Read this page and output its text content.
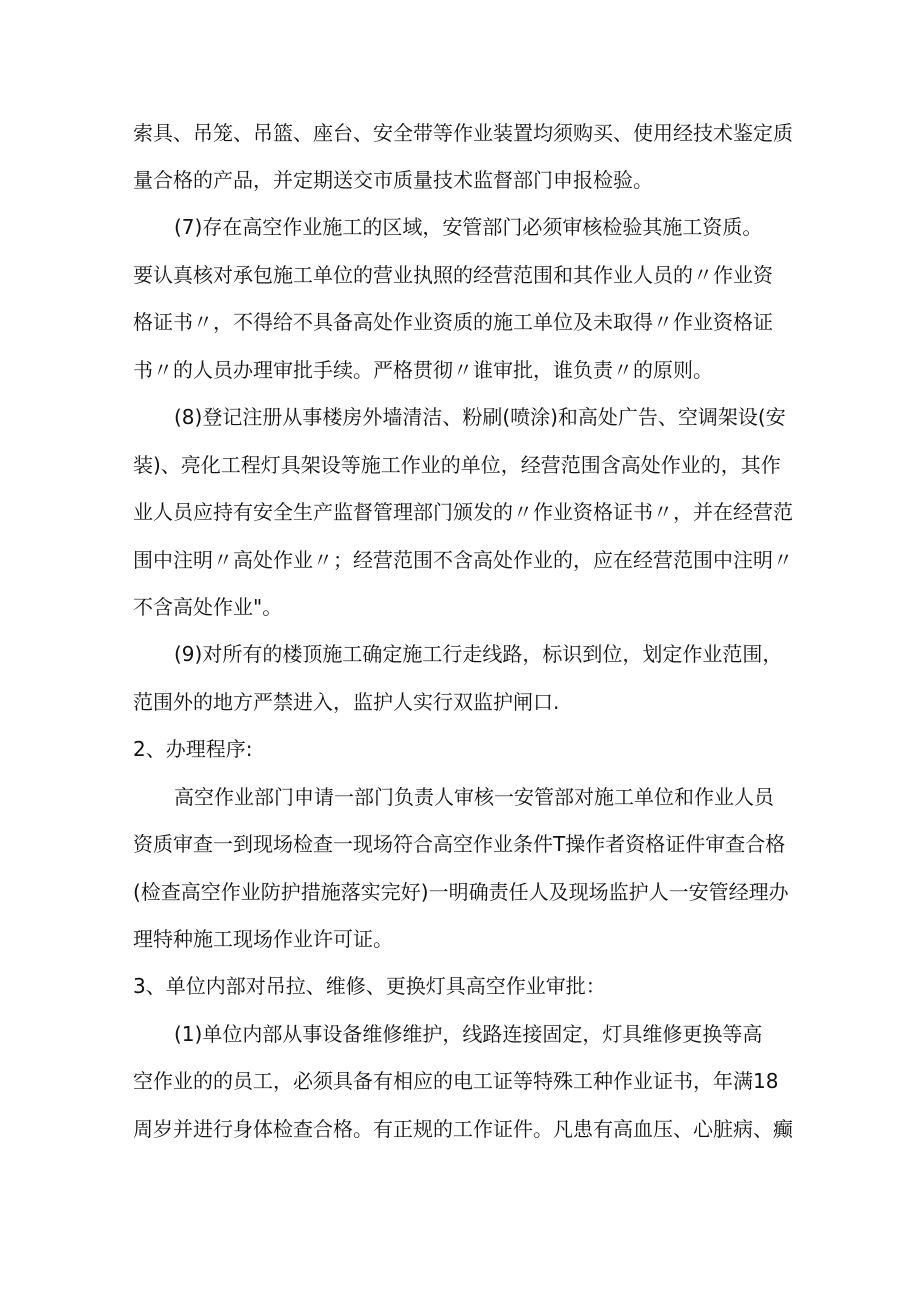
索具、吊笼、吊篮、座台、安全带等作业装置均须购买、使用经技术鉴定质
量合格的产品，并定期送交市质量技术监督部门申报检验。
(7)存在高空作业施工的区域，安管部门必须审核检验其施工资质。
要认真核对承包施工单位的营业执照的经营范围和其作业人员的〃作业资
格证书〃，不得给不具备高处作业资质的施工单位及未取得〃作业资格证
书〃的人员办理审批手续。严格贯彻〃谁审批，谁负责〃的原则。
(8)登记注册从事楼房外墙清洁、粉刷(喷涂)和高处广告、空调架设(安
装)、亮化工程灯具架设等施工作业的单位，经营范围含高处作业的，其作
业人员应持有安全生产监督管理部门颁发的〃作业资格证书〃，并在经营范
围中注明〃高处作业〃；经营范围不含高处作业的，应在经营范围中注明〃
不含高处作业"。
(9)对所有的楼顶施工确定施工行走线路，标识到位，划定作业范围，
范围外的地方严禁进入，监护人实行双监护闸口.
2、办理程序:
高空作业部门申请一部门负责人审核一安管部对施工单位和作业人员
资质审查一到现场检查一现场符合高空作业条件T操作者资格证件审查合格
(检查高空作业防护措施落实完好)一明确责任人及现场监护人一安管经理办
理特种施工现场作业许可证。
3、单位内部对吊拉、维修、更换灯具高空作业审批：
(1)单位内部从事设备维修维护，线路连接固定，灯具维修更换等高
空作业的的员工，必须具备有相应的电工证等特殊工种作业证书，年满18
周岁并进行身体检查合格。有正规的工作证件。凡患有高血压、心脏病、癫
